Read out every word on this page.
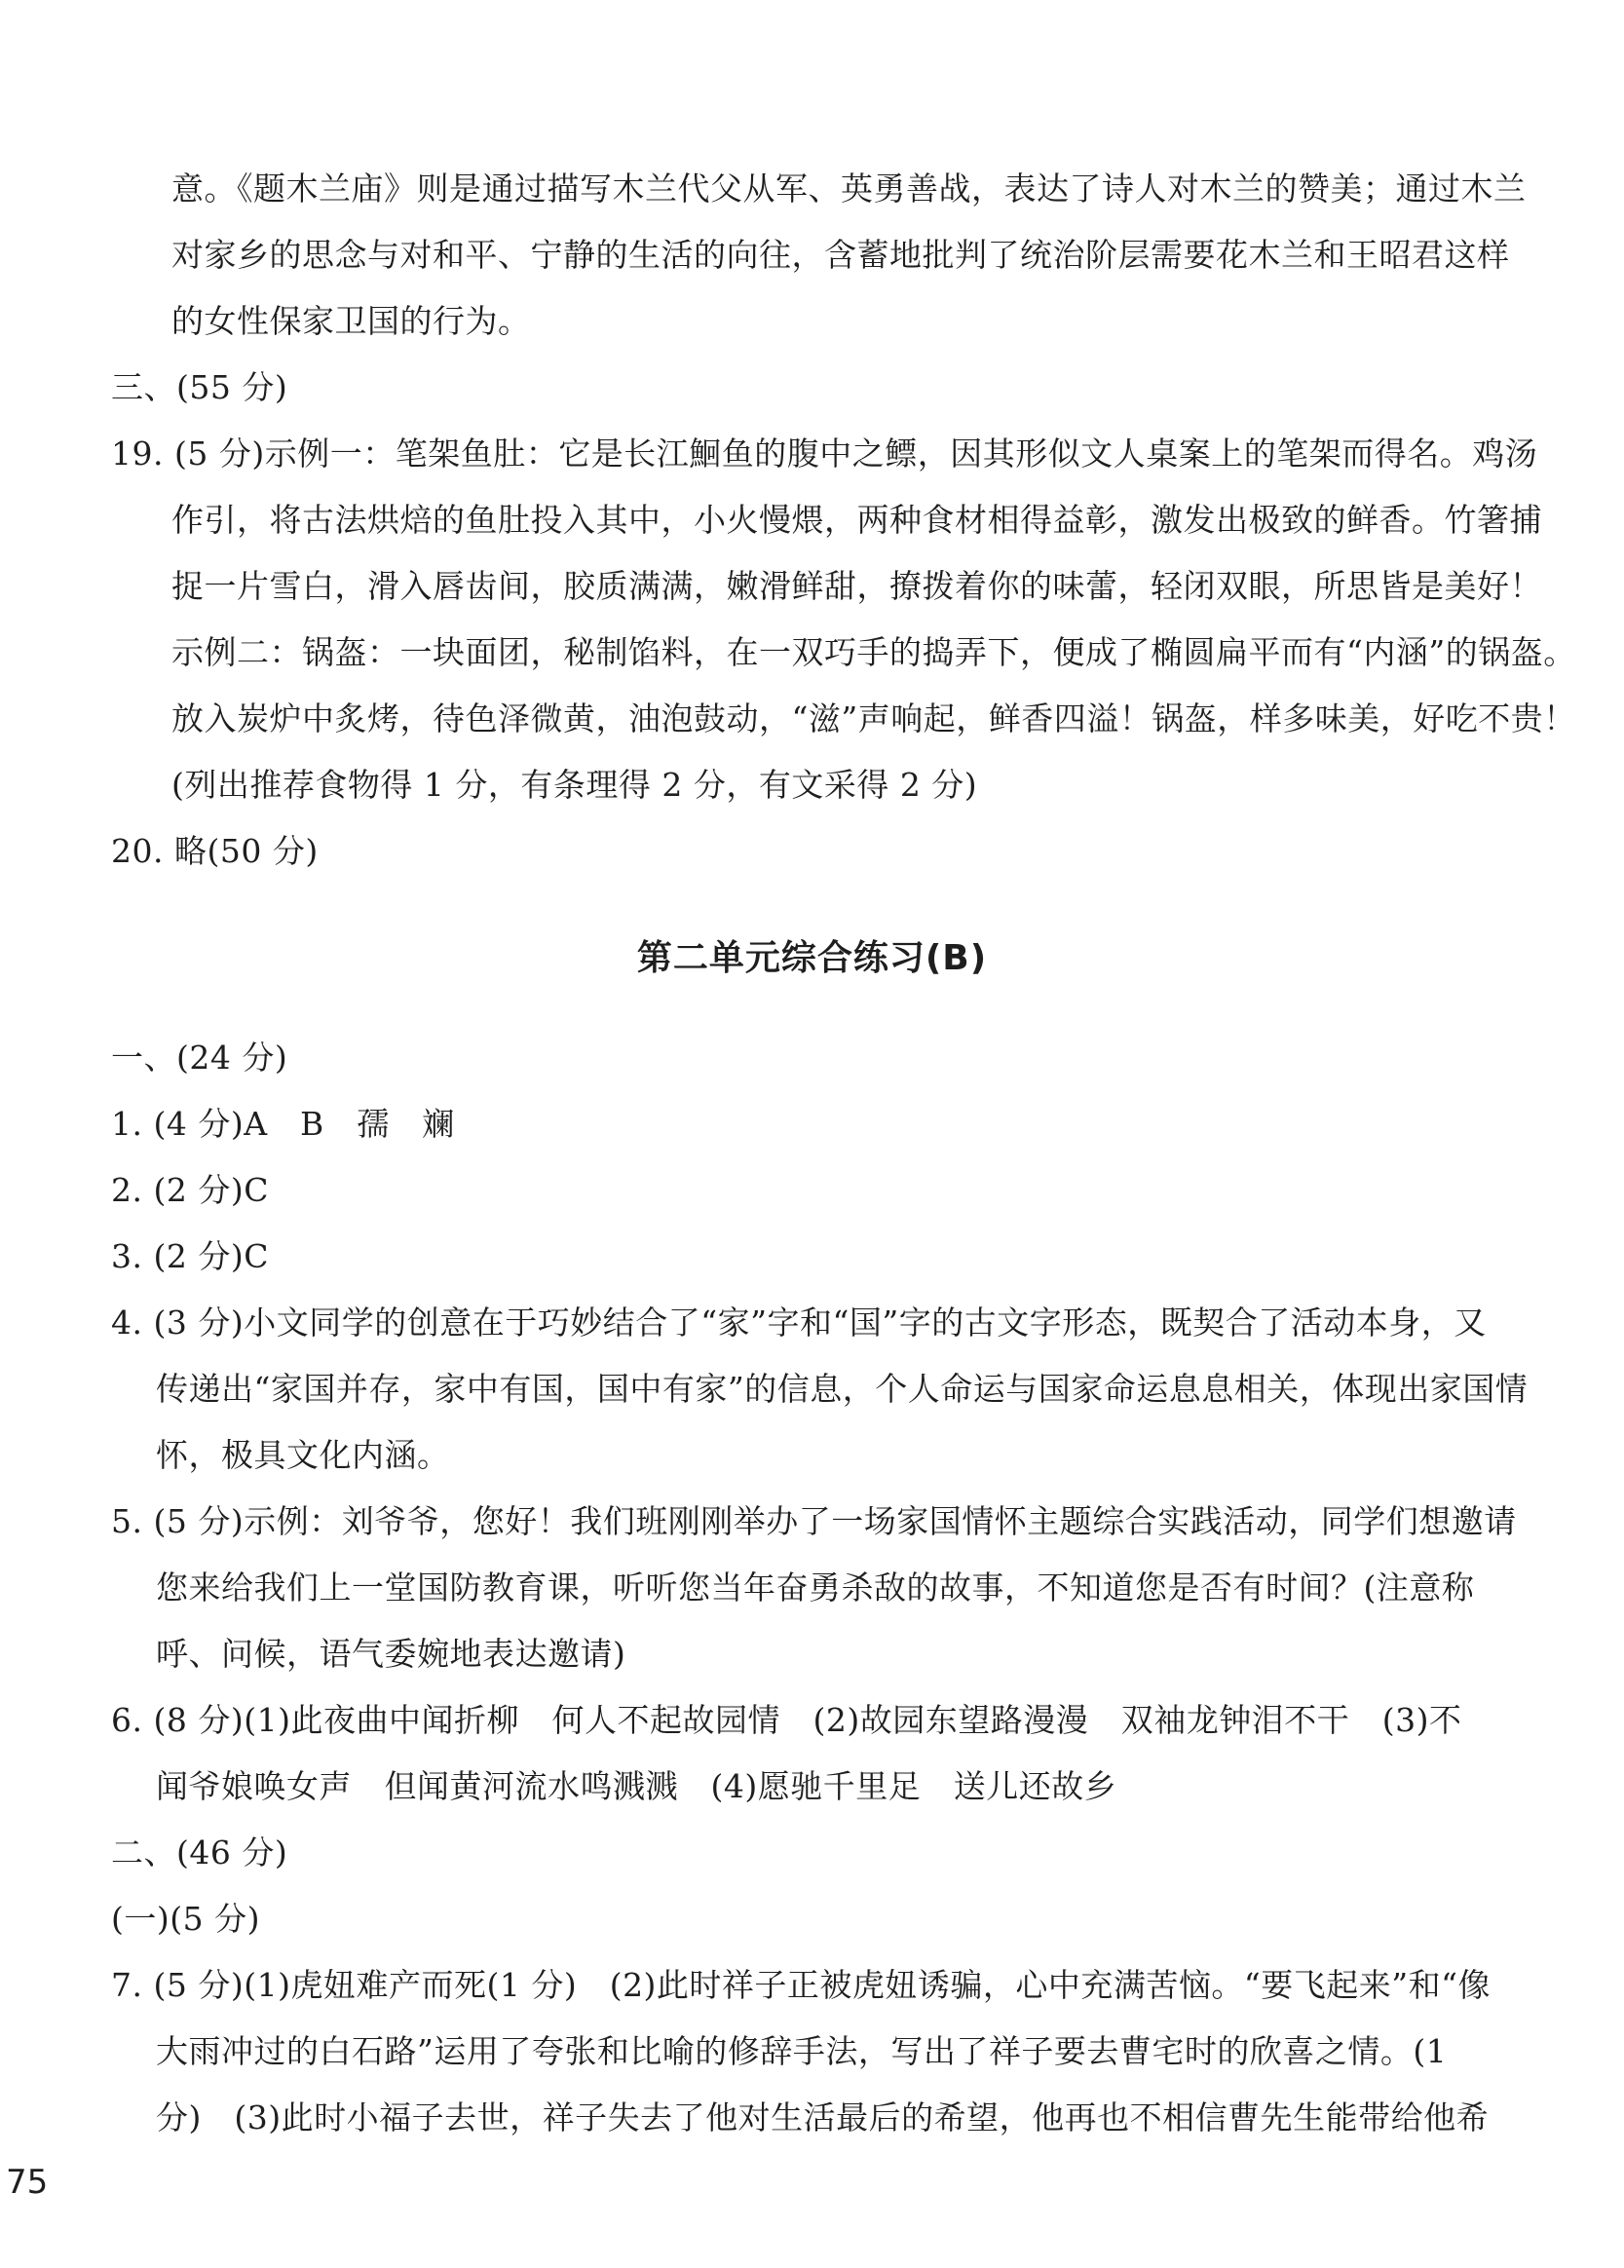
意。《题木兰庙》则是通过描写木兰代父从军、英勇善战，表达了诗人对木兰的赞美；通过木兰
对家乡的思念与对和平、宁静的生活的向往，含蓄地批判了统治阶层需要花木兰和王昭君这样
的女性保家卫国的行为。
三、(55 分)
19. (5 分)示例一：笔架鱼肚：它是长江鮰鱼的腹中之鳔，因其形似文人桌案上的笔架而得名。鸡汤
作引，将古法烘焙的鱼肚投入其中，小火慢煨，两种食材相得益彰，激发出极致的鲜香。竹箸捕
捉一片雪白，滑入唇齿间，胶质满满，嫩滑鲜甜，撩拨着你的味蕾，轻闭双眼，所思皆是美好！
示例二：锅盔：一块面团，秘制馅料，在一双巧手的捣弄下，便成了椭圆扁平而有“内涵”的锅盔。
放入炭炉中炙烤，待色泽微黄，油泡鼓动，“滋”声响起，鲜香四溢！锅盔，样多味美，好吃不贵！
(列出推荐食物得 1 分，有条理得 2 分，有文采得 2 分)
20. 略(50 分)
第二单元综合练习(B)
一、(24 分)
1. (4 分)A　B　孺　斓
2. (2 分)C
3. (2 分)C
4. (3 分)小文同学的创意在于巧妙结合了“家”字和“国”字的古文字形态，既契合了活动本身，又
传递出“家国并存，家中有国，国中有家”的信息，个人命运与国家命运息息相关，体现出家国情
怀，极具文化内涵。
5. (5 分)示例：刘爷爷，您好！我们班刚刚举办了一场家国情怀主题综合实践活动，同学们想邀请
您来给我们上一堂国防教育课，听听您当年奋勇杀敌的故事，不知道您是否有时间？(注意称
呼、问候，语气委婉地表达邀请)
6. (8 分)(1)此夜曲中闻折柳　何人不起故园情　(2)故园东望路漫漫　双袖龙钟泪不干　(3)不
闻爷娘唤女声　但闻黄河流水鸣溅溅　(4)愿驰千里足　送儿还故乡
二、(46 分)
(一)(5 分)
7. (5 分)(1)虎妞难产而死(1 分)　(2)此时祥子正被虎妞诱骗，心中充满苦恼。“要飞起来”和“像
大雨冲过的白石路”运用了夸张和比喻的修辞手法，写出了祥子要去曹宅时的欣喜之情。(1
分)　(3)此时小福子去世，祥子失去了他对生活最后的希望，他再也不相信曹先生能带给他希
75
